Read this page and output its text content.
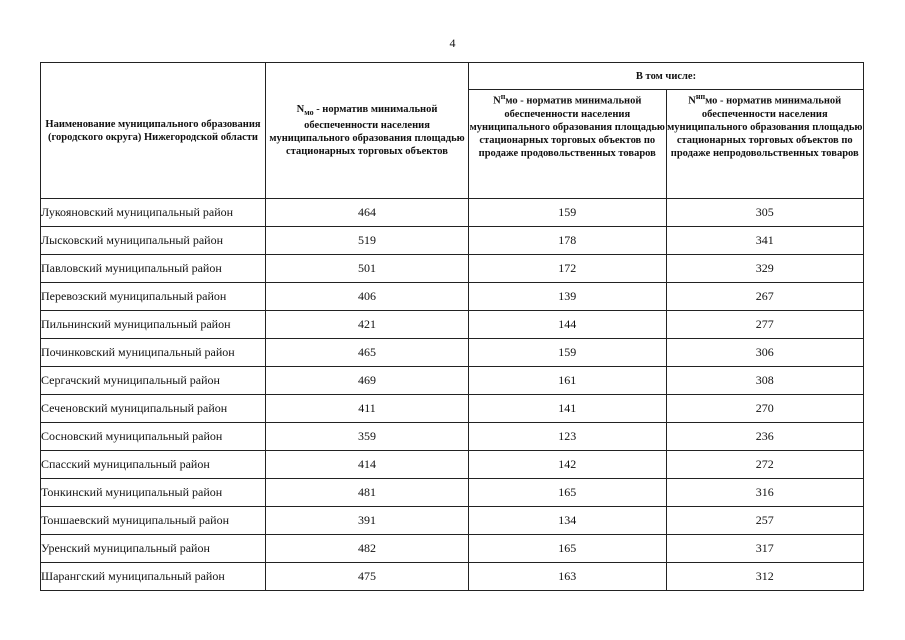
4
Наименование муниципального образования (городского округа) Нижегородской области	$N_{мо}$ - норматив минимальной обеспеченности населения муниципального образования площадью стационарных торговых объектов	В том числе:	
		$N^пмо$ - норматив минимальной обеспеченности населения муниципального образования площадью стационарных торговых объектов по продаже продовольственных товаров	$N^{нп}мо$ - норматив минимальной обеспеченности населения муниципального образования площадью стационарных торговых объектов по продаже непродовольственных товаров
Лукояновский муниципальный район	464	159	305
Лысковский муниципальный район	519	178	341
Павловский муниципальный район	501	172	329
Перевозский муниципальный район	406	139	267
Пильнинский муниципальный район	421	144	277
Починковский муниципальный район	465	159	306
Сергачский муниципальный район	469	161	308
Сеченовский муниципальный район	411	141	270
Сосновский муниципальный район	359	123	236
Спасский муниципальный район	414	142	272
Тонкинский муниципальный район	481	165	316
Тоншаевский муниципальный район	391	134	257
Уренский муниципальный район	482	165	317
Шарангский муниципальный район	475	163	312
